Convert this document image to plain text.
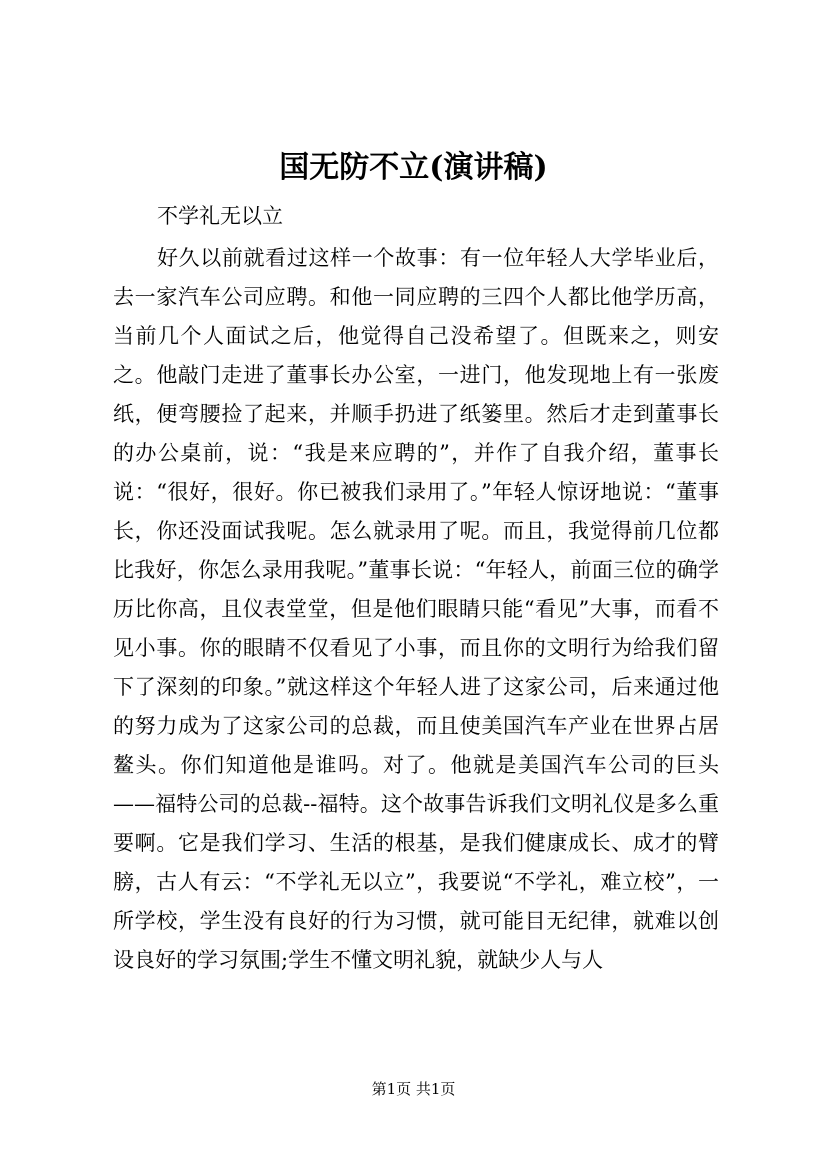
国无防不立(演讲稿)
不学礼无以立

好久以前就看过这样一个故事：有一位年轻人大学毕业后，去一家汽车公司应聘。和他一同应聘的三四个人都比他学历高，当前几个人面试之后，他觉得自己没希望了。但既来之，则安之。他敲门走进了董事长办公室，一进门，他发现地上有一张废纸，便弯腰捡了起来，并顺手扔进了纸篓里。然后才走到董事长的办公桌前，说：“我是来应聘的”，并作了自我介绍，董事长说：“很好，很好。你已被我们录用了。”年轻人惊讶地说：“董事长，你还没面试我呢。怎么就录用了呢。而且，我觉得前几位都比我好，你怎么录用我呢。”董事长说：“年轻人，前面三位的确学历比你高，且仪表堂堂，但是他们眼睛只能“看见”大事，而看不见小事。你的眼睛不仅看见了小事，而且你的文明行为给我们留下了深刻的印象。”就这样这个年轻人进了这家公司，后来通过他的努力成为了这家公司的总裁，而且使美国汽车产业在世界占居鳌头。你们知道他是谁吗。对了。他就是美国汽车公司的巨头——福特公司的总裁--福特。这个故事告诉我们文明礼仪是多么重要啊。它是我们学习、生活的根基，是我们健康成长、成才的臂膀，古人有云：“不学礼无以立”，我要说“不学礼，难立校”，一所学校，学生没有良好的行为习惯，就可能目无纪律，就难以创设良好的学习氛围;学生不懂文明礼貌，就缺少人与人

第1页 共1页
